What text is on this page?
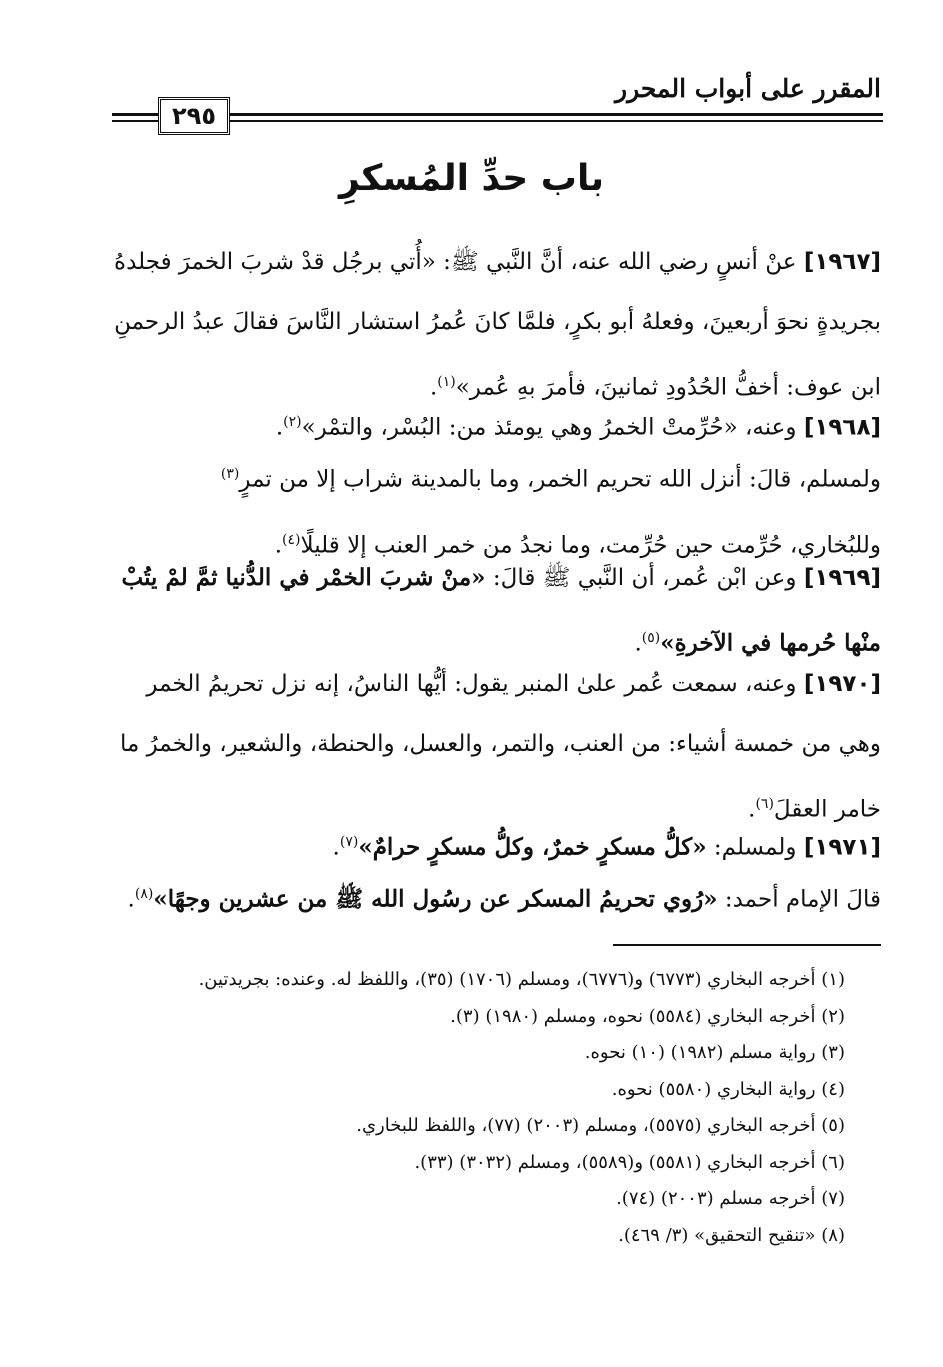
المقرر على أبواب المحرر
٢٩٥
باب حدِّ المُسكرِ
[١٩٦٧] عنْ أنسٍ رضي الله عنه، أنَّ النَّبي ﷺ: «أُتي برجُل قدْ شربَ الخمرَ فجلدهُ
بجريدةٍ نحوَ أربعينَ، وفعلهُ أبو بكرٍ، فلمَّا كانَ عُمرُ استشار النَّاسَ فقالَ عبدُ الرحمنِ
ابن عوف: أخفُّ الحُدُودِ ثمانينَ، فأمرَ بهِ عُمر»$^{(١)}$.
[١٩٦٨] وعنه، «حُرِّمتْ الخمرُ وهي يومئذ من: البُسْر، والتمْر»$^{(٢)}$.
ولمسلم، قالَ: أنزل الله تحريم الخمر، وما بالمدينة شراب إلا من تمرٍ$^{(٣)}$
وللبُخاري، حُرِّمت حين حُرِّمت، وما نجدُ من خمر العنب إلا قليلًا$^{(٤)}$.
[١٩٦٩] وعن ابْن عُمر، أن النَّبي ﷺ قالَ: «منْ شربَ الخمْر في الدُّنيا ثمَّ لمْ يتُبْ
منْها حُرمها في الآخرةِ»$^{(٥)}$.
[١٩٧٠] وعنه، سمعت عُمر علىٰ المنبر يقول: أيُّها الناسُ، إنه نزل تحريمُ الخمر
وهي من خمسة أشياء: من العنب، والتمر، والعسل، والحنطة، والشعير، والخمرُ ما
خامر العقلَ$^{(٦)}$.
[١٩٧١] ولمسلم: «كلُّ مسكرٍ خمرٌ، وكلُّ مسكرٍ حرامٌ»$^{(٧)}$.
قالَ الإمام أحمد: «رُوي تحريمُ المسكر عن رسُول الله ﷺ من عشرين وجهًا»$^{(٨)}$.
(١) أخرجه البخاري (٦٧٧٣) و(٦٧٧٦)، ومسلم (١٧٠٦) (٣٥)، واللفظ له. وعنده: بجريدتين.
(٢) أخرجه البخاري (٥٥٨٤) نحوه، ومسلم (١٩٨٠) (٣).
(٣) رواية مسلم (١٩٨٢) (١٠) نحوه.
(٤) رواية البخاري (٥٥٨٠) نحوه.
(٥) أخرجه البخاري (٥٥٧٥)، ومسلم (٢٠٠٣) (٧٧)، واللفظ للبخاري.
(٦) أخرجه البخاري (٥٥٨١) و(٥٥٨٩)، ومسلم (٣٠٣٢) (٣٣).
(٧) أخرجه مسلم (٢٠٠٣) (٧٤).
(٨) «تنقيح التحقيق» (٣/ ٤٦٩).
